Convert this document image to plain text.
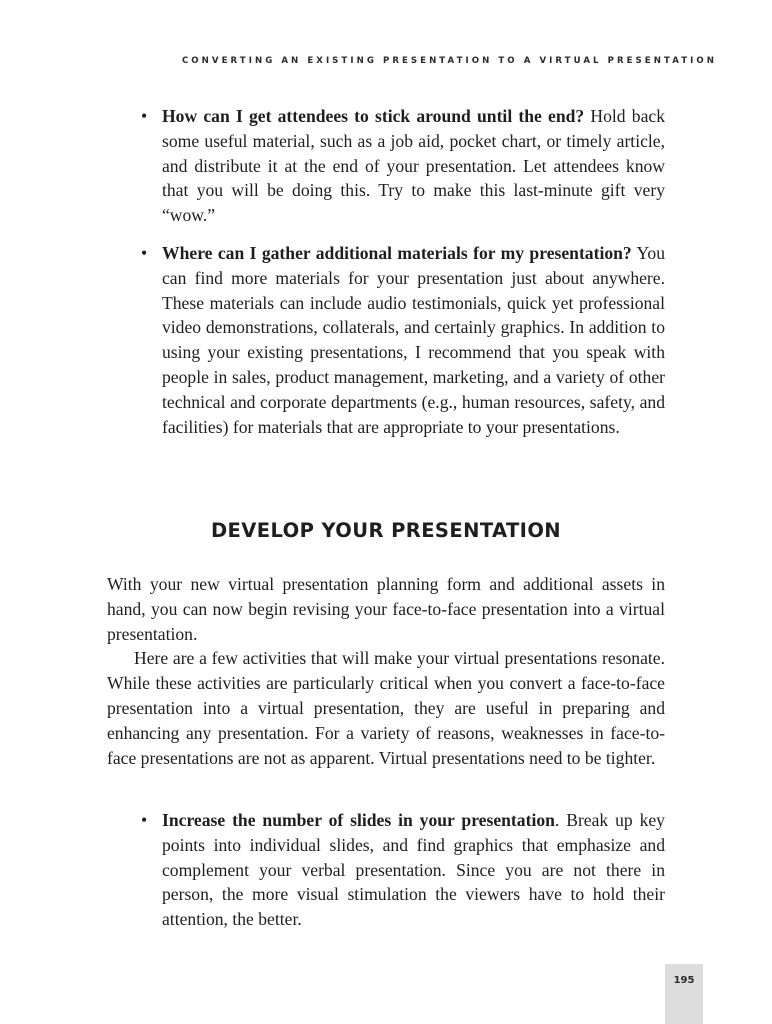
CONVERTING AN EXISTING PRESENTATION TO A VIRTUAL PRESENTATION
• How can I get attendees to stick around until the end? Hold back some useful material, such as a job aid, pocket chart, or timely article, and distribute it at the end of your presentation. Let attendees know that you will be doing this. Try to make this last-minute gift very “wow.”
• Where can I gather additional materials for my presentation? You can find more materials for your presentation just about anywhere. These materials can include audio testimonials, quick yet professional video demonstrations, collaterals, and certainly graphics. In addition to using your existing presentations, I recommend that you speak with people in sales, product management, marketing, and a variety of other technical and corporate departments (e.g., human resources, safety, and facilities) for materials that are appropriate to your presentations.
DEVELOP YOUR PRESENTATION

With your new virtual presentation planning form and additional assets in hand, you can now begin revising your face-to-face presentation into a virtual presentation.

Here are a few activities that will make your virtual presentations resonate. While these activities are particularly critical when you convert a face-to-face presentation into a virtual presentation, they are useful in preparing and enhancing any presentation. For a variety of reasons, weaknesses in face-to-face presentations are not as apparent. Virtual presentations need to be tighter.

• Increase the number of slides in your presentation. Break up key points into individual slides, and find graphics that emphasize and complement your verbal presentation. Since you are not there in person, the more visual stimulation the viewers have to hold their attention, the better.
195
